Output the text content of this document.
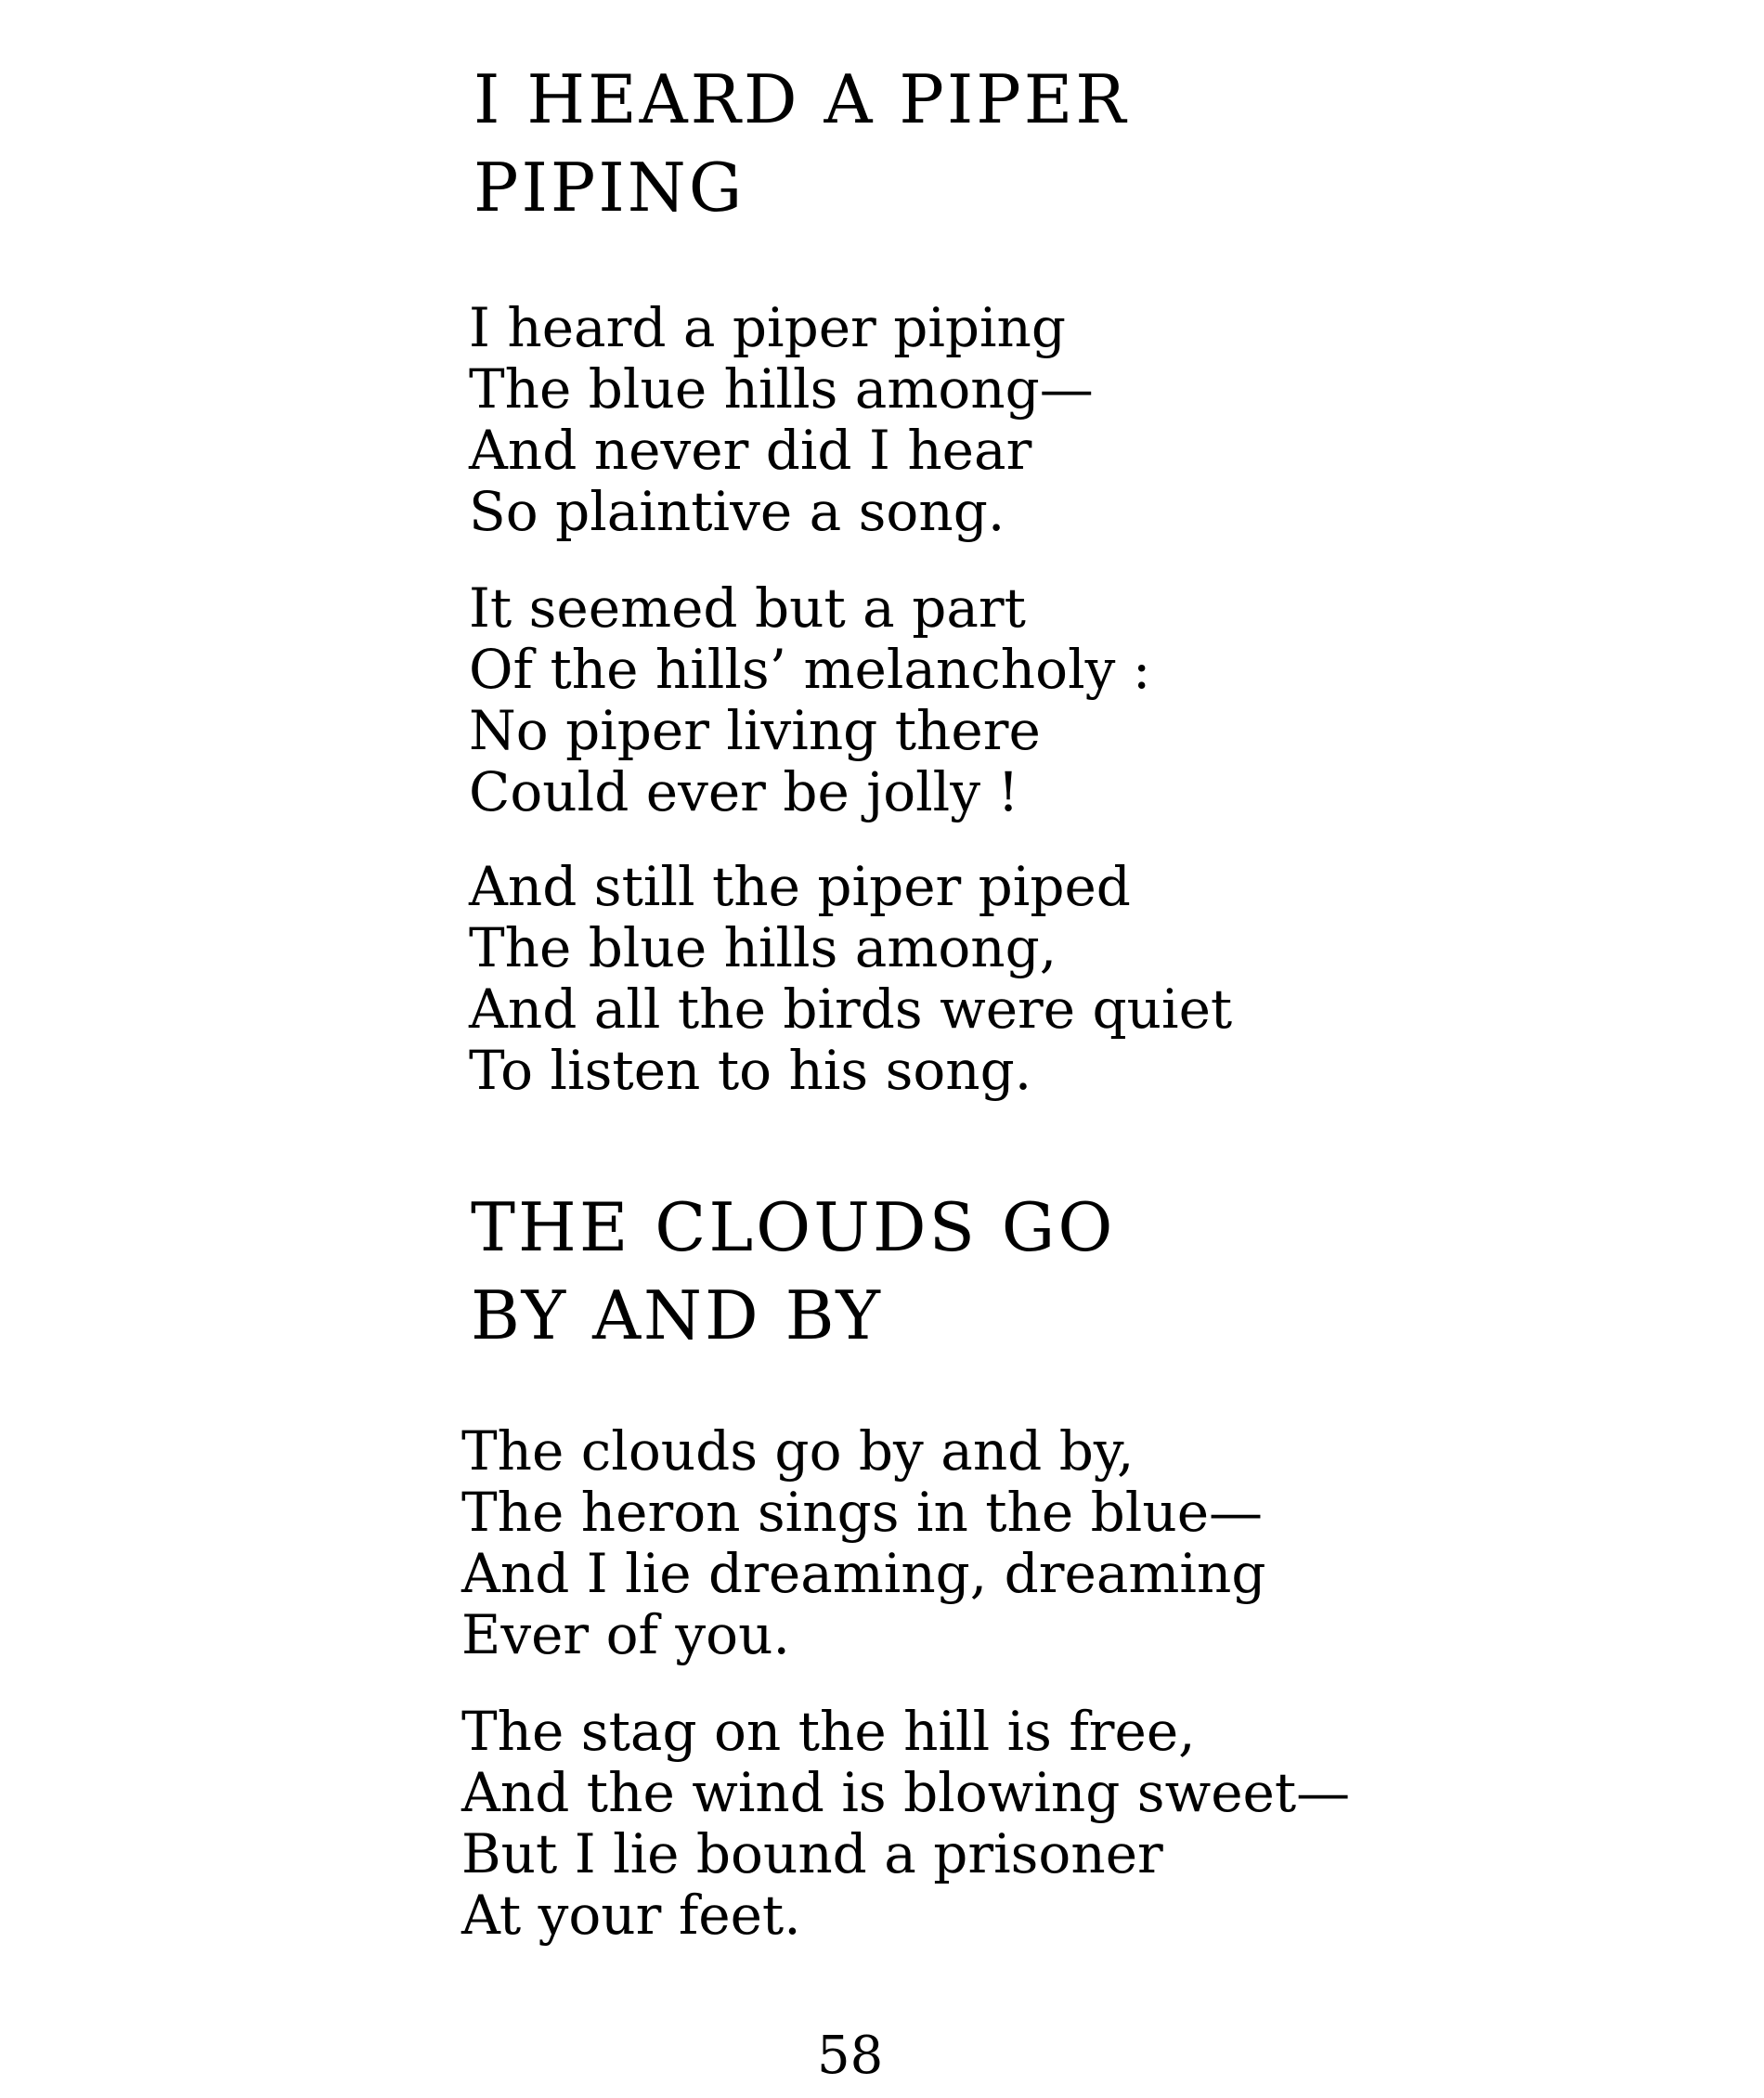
I HEARD A PIPER
PIPING
I heard a piper piping
The blue hills among—
And never did I hear
So plaintive a song.
It seemed but a part
Of the hills’ melancholy :
No piper living there
Could ever be jolly !
And still the piper piped
The blue hills among,
And all the birds were quiet
To listen to his song.
THE CLOUDS GO
BY AND BY
The clouds go by and by,
The heron sings in the blue—
And I lie dreaming, dreaming
Ever of you.
The stag on the hill is free,
And the wind is blowing sweet—
But I lie bound a prisoner
At your feet.
58
